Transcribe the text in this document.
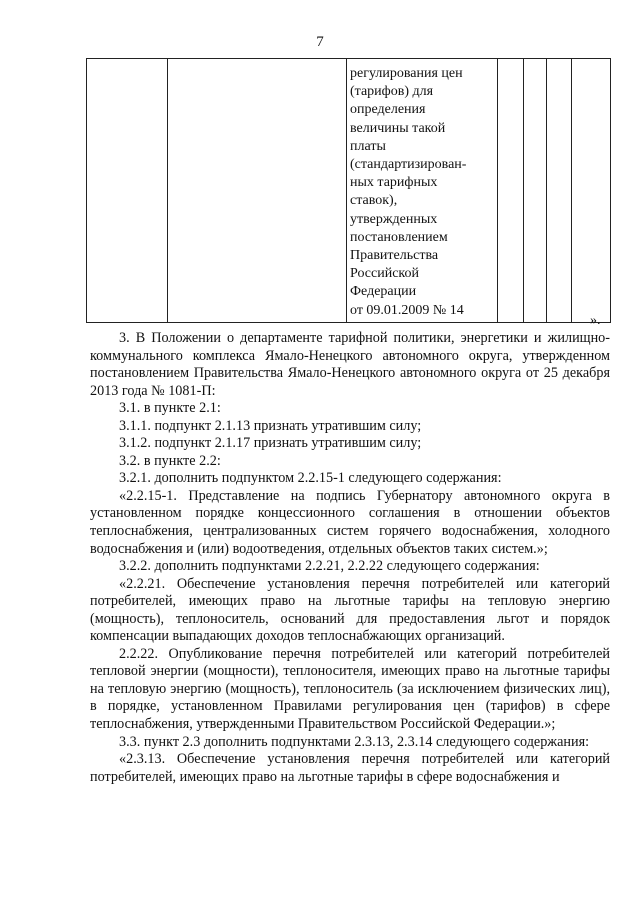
7

регулирования цен
(тарифов) для
определения
величины такой
платы
(стандартизирован-
ных тарифных
ставок),
утвержденных
постановлением
Правительства
Российской
Федерации
от 09.01.2009 № 14

».

3. В Положении о департаменте тарифной политики, энергетики и жилищно-коммунального комплекса Ямало-Ненецкого автономного округа, утвержденном постановлением Правительства Ямало-Ненецкого автономного округа от 25 декабря 2013 года № 1081-П:

3.1. в пункте 2.1:

3.1.1. подпункт 2.1.13 признать утратившим силу;

3.1.2. подпункт 2.1.17 признать утратившим силу;

3.2. в пункте 2.2:

3.2.1. дополнить подпунктом 2.2.15-1 следующего содержания:

«2.2.15-1. Представление на подпись Губернатору автономного округа в установленном порядке концессионного соглашения в отношении объектов теплоснабжения, централизованных систем горячего водоснабжения, холодного водоснабжения и (или) водоотведения, отдельных объектов таких систем.»;

3.2.2. дополнить подпунктами 2.2.21, 2.2.22 следующего содержания:

«2.2.21. Обеспечение установления перечня потребителей или категорий потребителей, имеющих право на льготные тарифы на тепловую энергию (мощность), теплоноситель, оснований для предоставления льгот и порядок компенсации выпадающих доходов теплоснабжающих организаций.

2.2.22. Опубликование перечня потребителей или категорий потребителей тепловой энергии (мощности), теплоносителя, имеющих право на льготные тарифы на тепловую энергию (мощность), теплоноситель (за исключением физических лиц), в порядке, установленном Правилами регулирования цен (тарифов) в сфере теплоснабжения, утвержденными Правительством Российской Федерации.»;

3.3. пункт 2.3 дополнить подпунктами 2.3.13, 2.3.14 следующего содержания:

«2.3.13. Обеспечение установления перечня потребителей или категорий потребителей, имеющих право на льготные тарифы в сфере водоснабжения и
